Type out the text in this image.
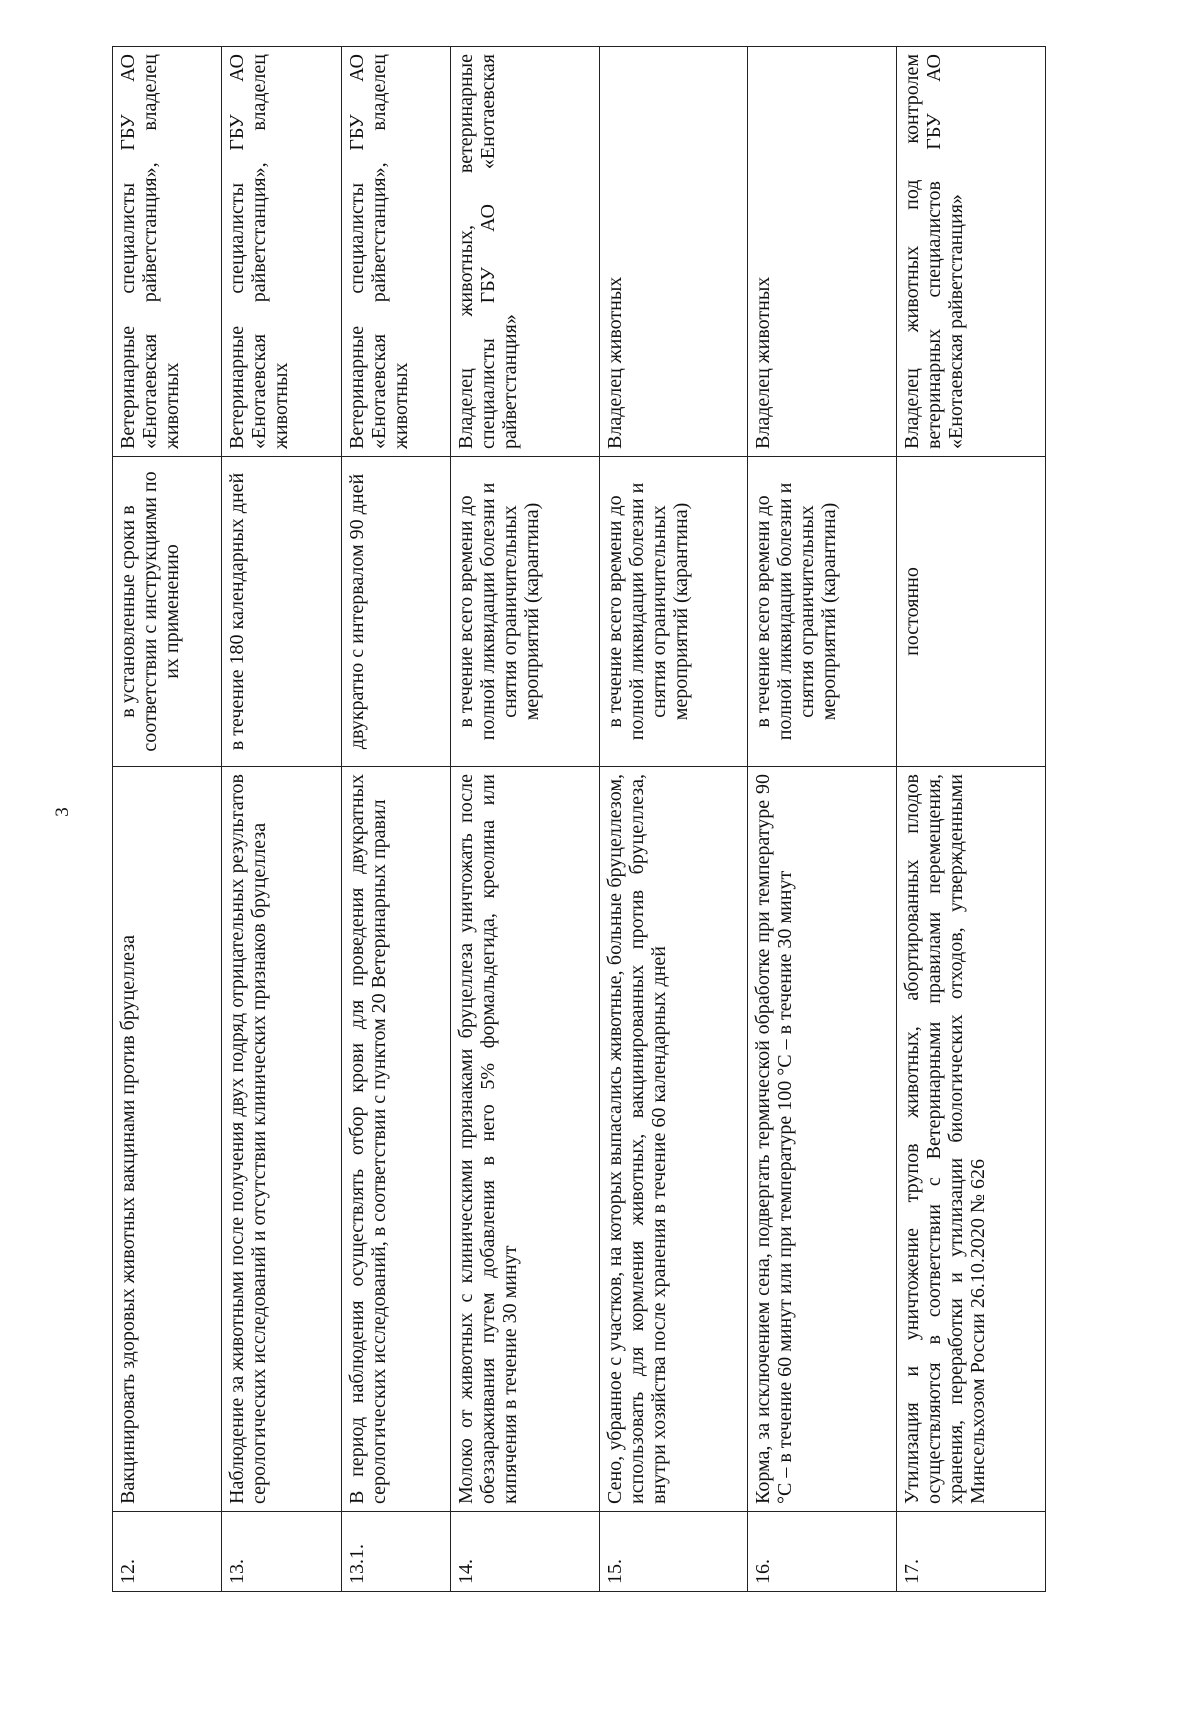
3
12.	Вакцинировать здоровых животных вакцинами против бруцеллеза	в установленные сроки в соответствии с инструкциями по их применению	Ветеринарные специалисты ГБУ АО «Енотаевская райветстанция», владелец животных
13.	Наблюдение за животными после получения двух подряд отрицательных результатов серологических исследований и отсутствии клинических признаков бруцеллеза	в течение 180 календарных дней	Ветеринарные специалисты ГБУ АО «Енотаевская райветстанция», владелец животных
13.1.	В период наблюдения осуществлять отбор крови для проведения двукратных серологических исследований, в соответствии с пунктом 20 Ветеринарных правил	двукратно с интервалом 90 дней	Ветеринарные специалисты ГБУ АО «Енотаевская райветстанция», владелец животных
14.	Молоко от животных с клиническими признаками бруцеллеза уничтожать после обеззараживания путем добавления в него 5% формальдегида, креолина или кипячения в течение 30 минут	в течение всего времени до полной ликвидации болезни и снятия ограничительных мероприятий (карантина)	Владелец животных, ветеринарные специалисты ГБУ АО «Енотаевская райветстанция»
15.	Сено, убранное с участков, на которых выпасались животные, больные бруцеллезом, использовать для кормления животных, вакцинированных против бруцеллеза, внутри хозяйства после хранения в течение 60 календарных дней	в течение всего времени до полной ликвидации болезни и снятия ограничительных мероприятий (карантина)	Владелец животных
16.	Корма, за исключением сена, подвергать термической обработке при температуре 90 °С – в течение 60 минут или при температуре 100 °С – в течение 30 минут	в течение всего времени до полной ликвидации болезни и снятия ограничительных мероприятий (карантина)	Владелец животных
17.	Утилизация и уничтожение трупов животных, абортированных плодов осуществляются в соответствии с Ветеринарными правилами перемещения, хранения, переработки и утилизации биологических отходов, утвержденными Минсельхозом России 26.10.2020 № 626	постоянно	Владелец животных под контролем ветеринарных специалистов ГБУ АО «Енотаевская райветстанция»
